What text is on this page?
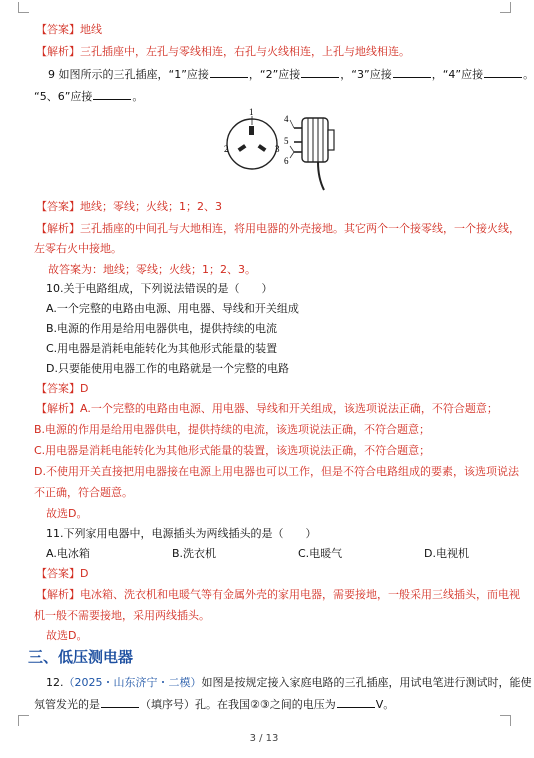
【答案】地线
【解析】三孔插座中，左孔与零线相连，右孔与火线相连，上孔与地线相连。
9 如图所示的三孔插座，“1”应接	，“2”应接	，“3”应接	，“4”应接	。
“5、6”应接	。
1
2	3
4
5
6
【答案】地线；零线；火线；1；2、3
【解析】三孔插座的中间孔与大地相连，将用电器的外壳接地。其它两个一个接零线，一个接火线，
左零右火中接地。
故答案为：地线；零线；火线；1；2、3。
10.关于电路组成，下列说法错误的是（　　）
A.一个完整的电路由电源、用电器、导线和开关组成
B.电源的作用是给用电器供电，提供持续的电流
C.用电器是消耗电能转化为其他形式能量的装置
D.只要能使用电器工作的电路就是一个完整的电路
【答案】D
【解析】A.一个完整的电路由电源、用电器、导线和开关组成，该选项说法正确，不符合题意；
B.电源的作用是给用电器供电，提供持续的电流，该选项说法正确，不符合题意；
C.用电器是消耗电能转化为其他形式能量的装置，该选项说法正确，不符合题意；
D.不使用开关直接把用电器接在电源上用电器也可以工作，但是不符合电路组成的要素，该选项说法
不正确，符合题意。
故选D。
11.下列家用电器中，电源插头为两线插头的是（　　）
A.电冰箱	B.洗衣机	C.电暖气	D.电视机
【答案】D
【解析】电冰箱、洗衣机和电暖气等有金属外壳的家用电器，需要接地，一般采用三线插头，而电视
机一般不需要接地，采用两线插头。
故选D。
三、低压测电器
12.（2025・山东济宁・二模）如图是按规定接入家庭电路的三孔插座，用试电笔进行测试时，能使
氖管发光的是	（填序号）孔。在我国②③之间的电压为	V。
3 / 13
